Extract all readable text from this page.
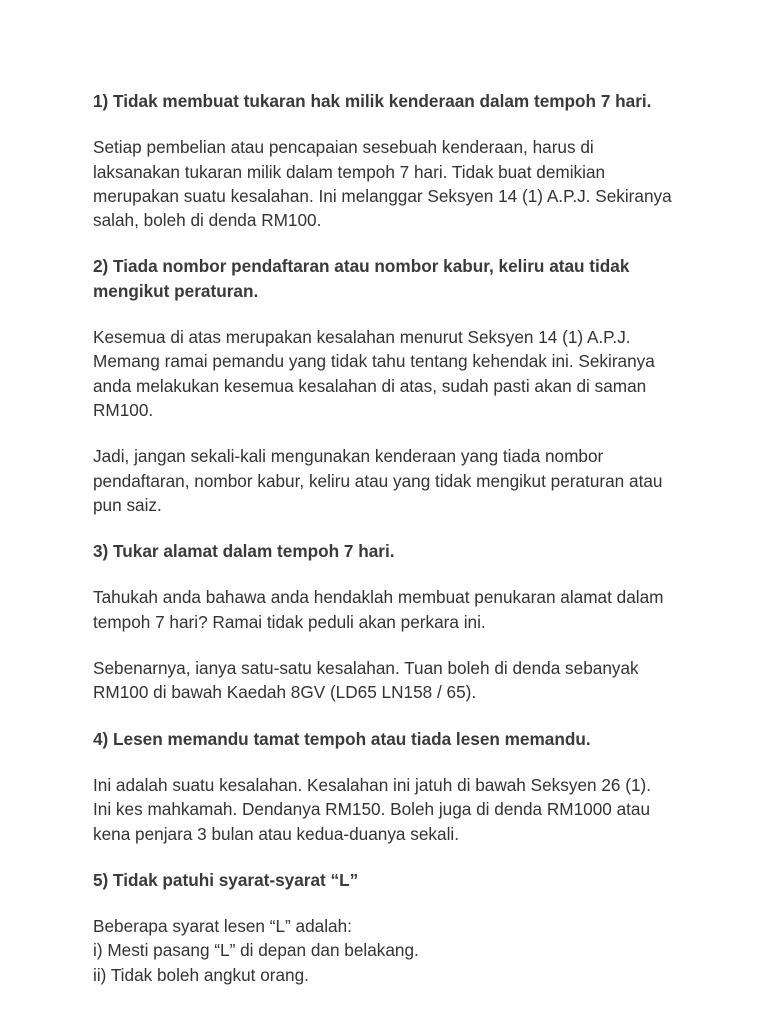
1) Tidak membuat tukaran hak milik kenderaan dalam tempoh 7 hari.

Setiap pembelian atau pencapaian sesebuah kenderaan, harus di laksanakan tukaran milik dalam tempoh 7 hari. Tidak buat demikian merupakan suatu kesalahan. Ini melanggar Seksyen 14 (1) A.P.J. Sekiranya salah, boleh di denda RM100.

2) Tiada nombor pendaftaran atau nombor kabur, keliru atau tidak mengikut peraturan.

Kesemua di atas merupakan kesalahan menurut Seksyen 14 (1) A.P.J. Memang ramai pemandu yang tidak tahu tentang kehendak ini. Sekiranya anda melakukan kesemua kesalahan di atas, sudah pasti akan di saman RM100.

Jadi, jangan sekali-kali mengunakan kenderaan yang tiada nombor pendaftaran, nombor kabur, keliru atau yang tidak mengikut peraturan atau pun saiz.

3) Tukar alamat dalam tempoh 7 hari.

Tahukah anda bahawa anda hendaklah membuat penukaran alamat dalam tempoh 7 hari? Ramai tidak peduli akan perkara ini.

Sebenarnya, ianya satu-satu kesalahan. Tuan boleh di denda sebanyak RM100 di bawah Kaedah 8GV (LD65 LN158 / 65).

4) Lesen memandu tamat tempoh atau tiada lesen memandu.

Ini adalah suatu kesalahan. Kesalahan ini jatuh di bawah Seksyen 26 (1). Ini kes mahkamah. Dendanya RM150. Boleh juga di denda RM1000 atau kena penjara 3 bulan atau kedua-duanya sekali.

5) Tidak patuhi syarat-syarat “L”

Beberapa syarat lesen “L” adalah:

i) Mesti pasang “L” di depan dan belakang.

ii) Tidak boleh angkut orang.
